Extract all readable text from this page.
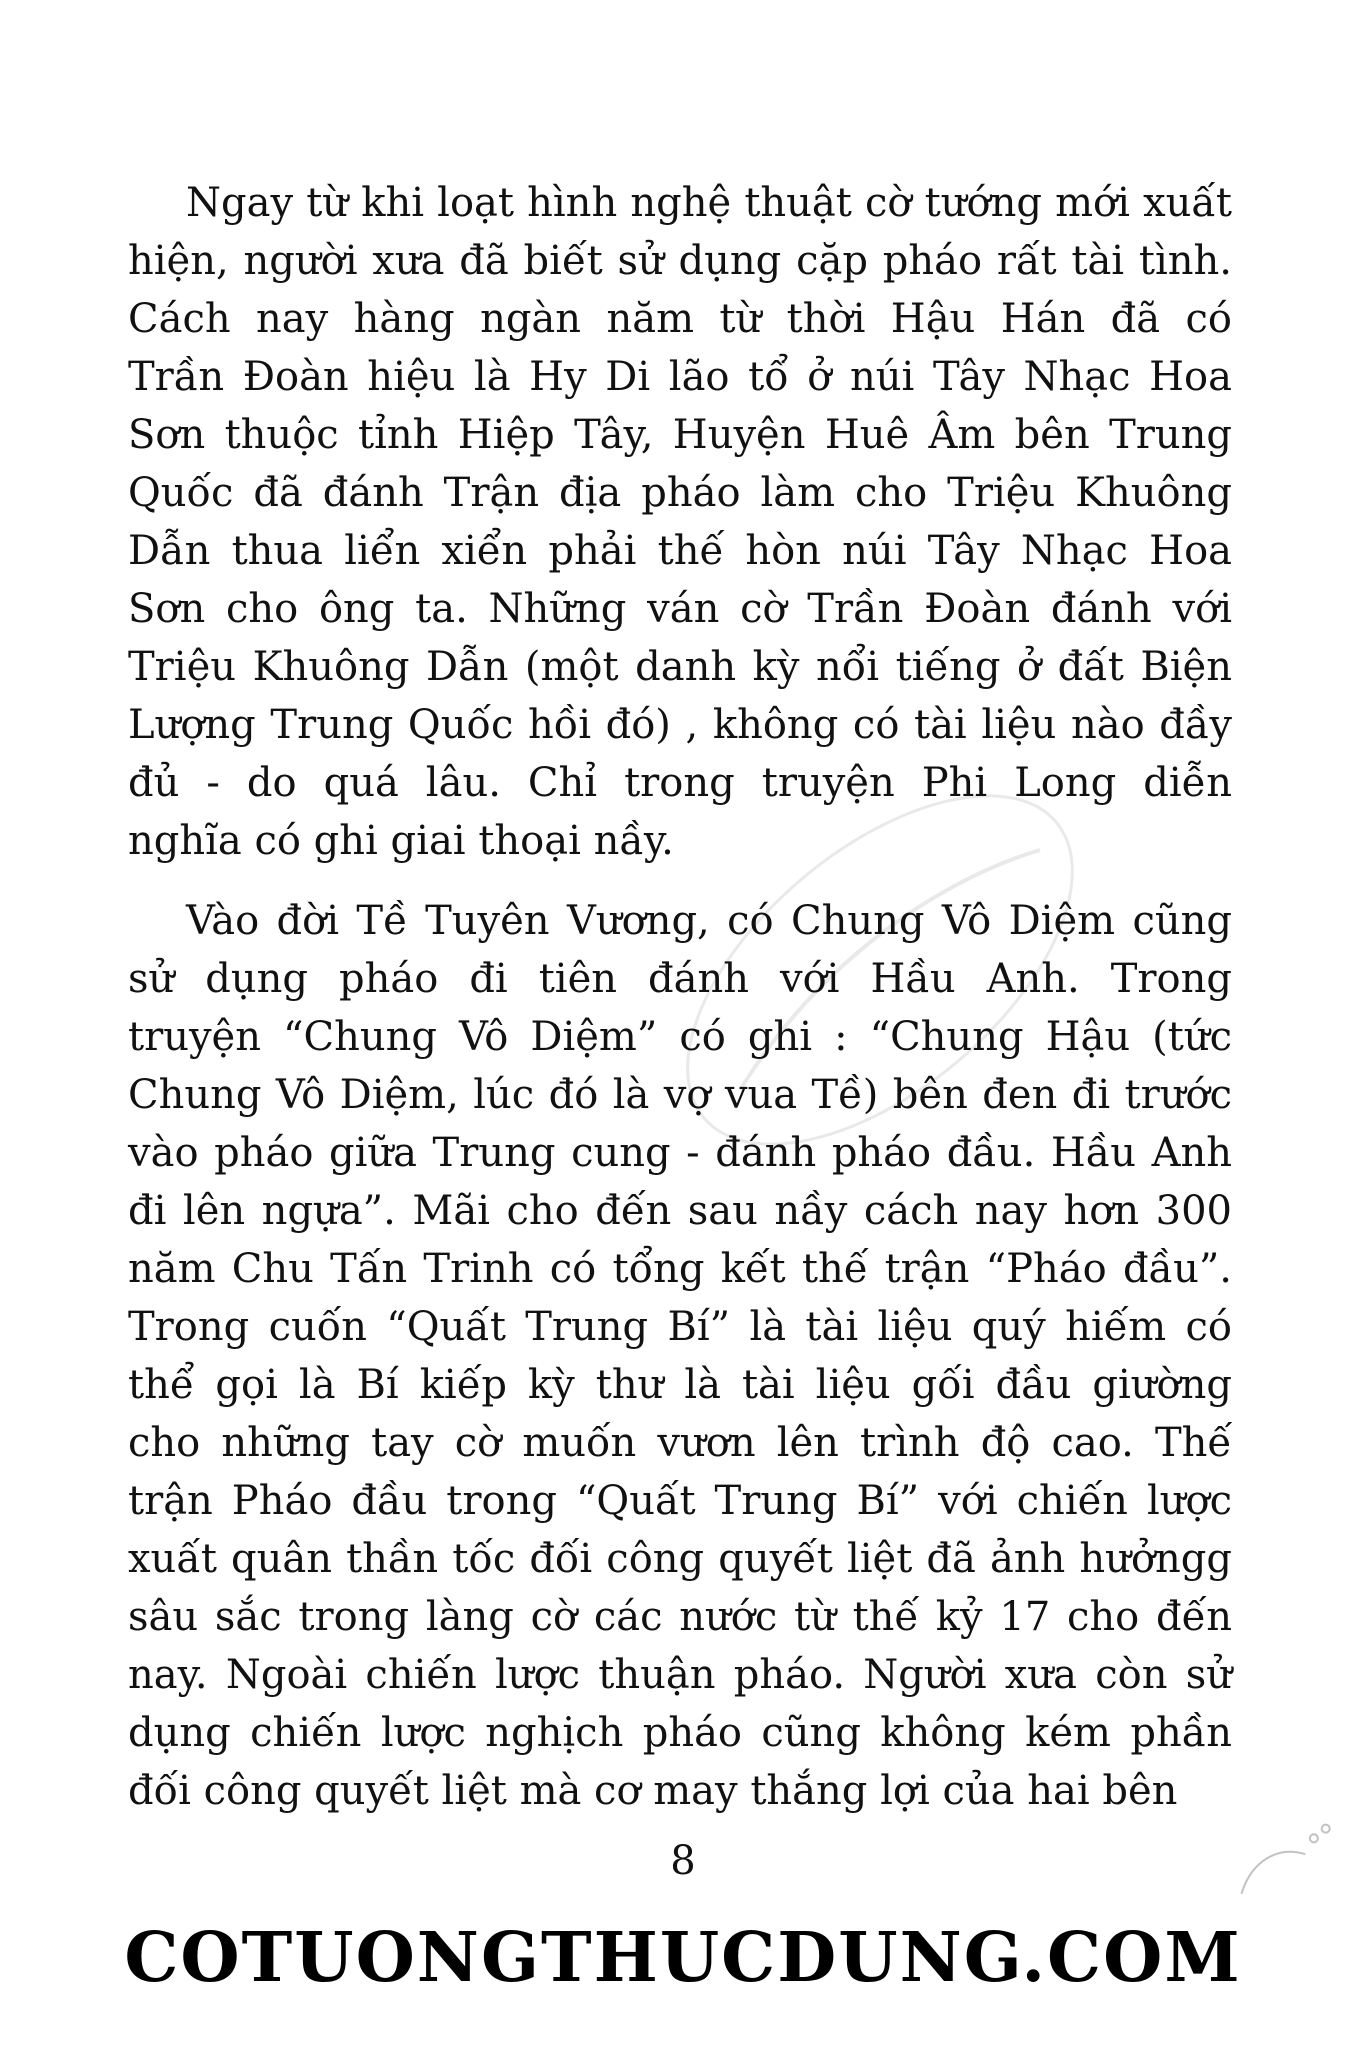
Ngay từ khi loạt hình nghệ thuật cờ tướng mới xuất
hiện, người xưa đã biết sử dụng cặp pháo rất tài tình.
Cách nay hàng ngàn năm từ thời Hậu Hán đã có
Trần Đoàn hiệu là Hy Di lão tổ ở núi Tây Nhạc Hoa
Sơn thuộc tỉnh Hiệp Tây, Huyện Huê Âm bên Trung
Quốc đã đánh Trận địa pháo làm cho Triệu Khuông
Dẫn thua liển xiển phải thế hòn núi Tây Nhạc Hoa
Sơn cho ông ta. Những ván cờ Trần Đoàn đánh với
Triệu Khuông Dẫn (một danh kỳ nổi tiếng ở đất Biện
Lượng Trung Quốc hồi đó) , không có tài liệu nào đầy
đủ - do quá lâu. Chỉ trong truyện Phi Long diễn
nghĩa có ghi giai thoại nầy.
Vào đời Tề Tuyên Vương, có Chung Vô Diệm cũng
sử dụng pháo đi tiên đánh với Hầu Anh. Trong
truyện “Chung Vô Diệm” có ghi : “Chung Hậu (tức
Chung Vô Diệm, lúc đó là vợ vua Tề) bên đen đi trước
vào pháo giữa Trung cung - đánh pháo đầu. Hầu Anh
đi lên ngựa”. Mãi cho đến sau nầy cách nay hơn 300
năm Chu Tấn Trinh có tổng kết thế trận “Pháo đầu”.
Trong cuốn “Quất Trung Bí” là tài liệu quý hiếm có
thể gọi là Bí kiếp kỳ thư là tài liệu gối đầu giường
cho những tay cờ muốn vươn lên trình độ cao. Thế
trận Pháo đầu trong “Quất Trung Bí” với chiến lược
xuất quân thần tốc đối công quyết liệt đã ảnh hưởngg
sâu sắc trong làng cờ các nước từ thế kỷ 17 cho đến
nay. Ngoài chiến lược thuận pháo. Người xưa còn sử
dụng chiến lược nghịch pháo cũng không kém phần
đối công quyết liệt mà cơ may thắng lợi của hai bên
8
COTUONGTHUCDUNG.COM
